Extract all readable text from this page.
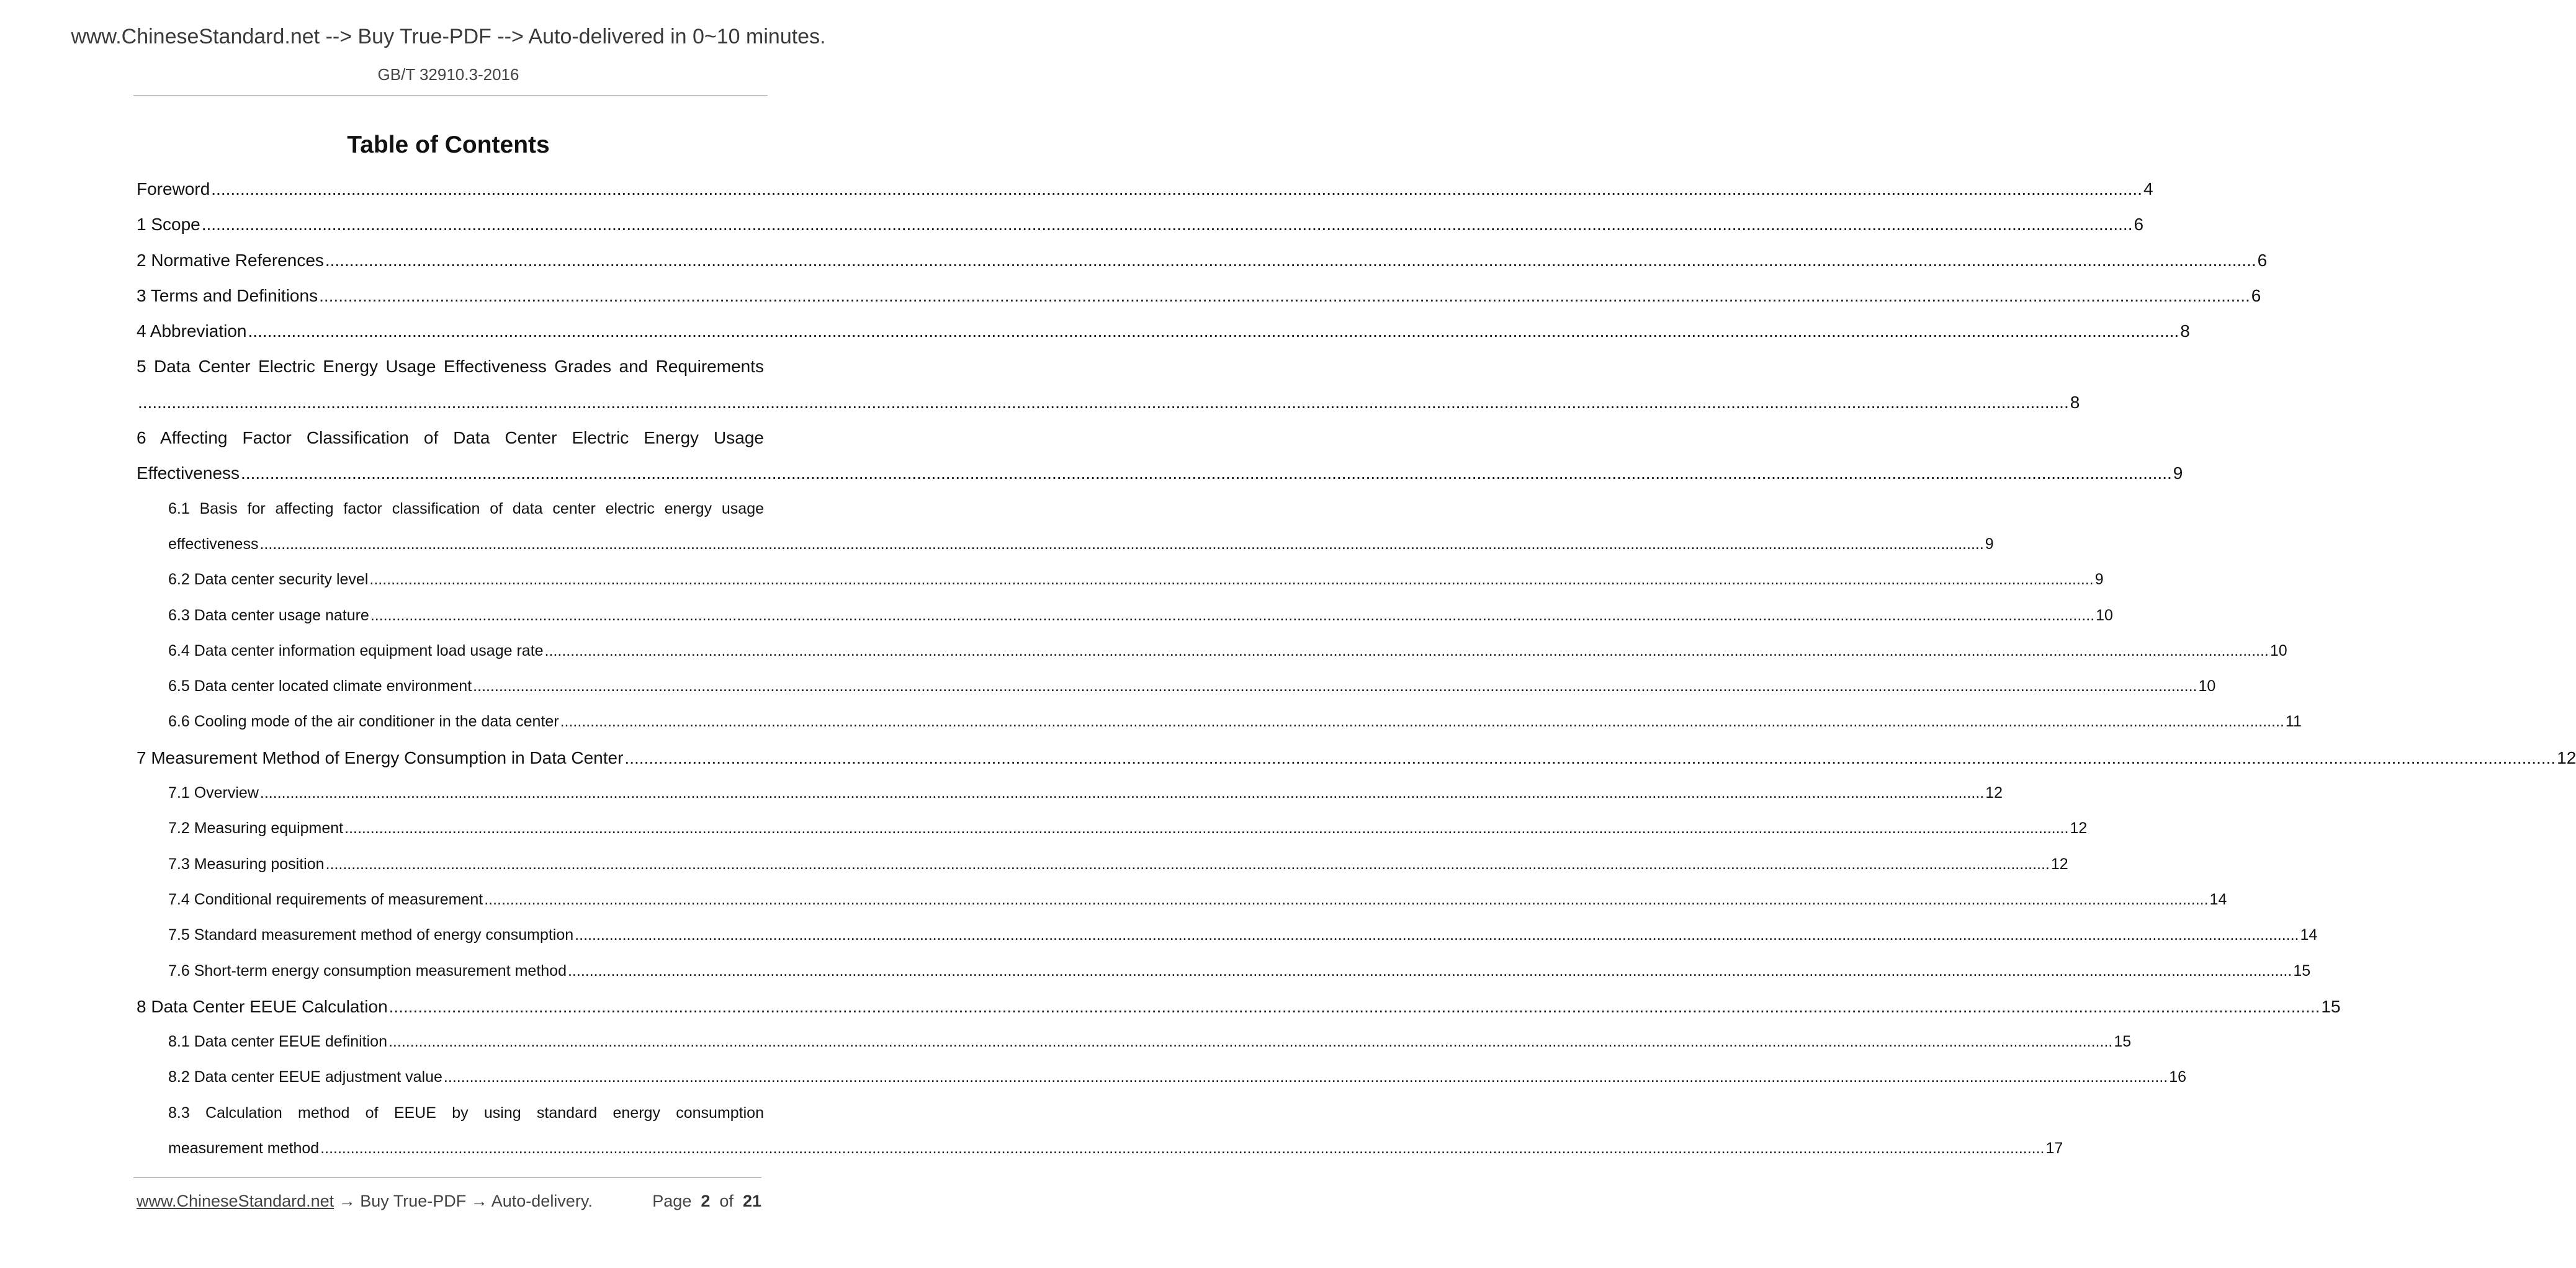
www.ChineseStandard.net --> Buy True-PDF --> Auto-delivered in 0~10 minutes.
GB/T 32910.3-2016
Table of Contents
Foreword ................................................................................................................................................................................................................................................................................................................................................................................................................ 4
1 Scope ................................................................................................................................................................................................................................................................................................................................................................................................................ 6
2 Normative References ................................................................................................................................................................................................................................................................................................................................................................................................................ 6
3 Terms and Definitions ................................................................................................................................................................................................................................................................................................................................................................................................................ 6
4 Abbreviation ................................................................................................................................................................................................................................................................................................................................................................................................................ 8
5 Data Center Electric Energy Usage Effectiveness Grades and Requirements
................................................................................................................................................................................................................................................................................................................................................................................................................ 8
6 Affecting Factor Classification of Data Center Electric Energy Usage
Effectiveness ................................................................................................................................................................................................................................................................................................................................................................................................................ 9
6.1 Basis for affecting factor classification of data center electric energy usage
effectiveness ................................................................................................................................................................................................................................................................................................................................................................................................................ 9
6.2 Data center security level ................................................................................................................................................................................................................................................................................................................................................................................................................ 9
6.3 Data center usage nature ................................................................................................................................................................................................................................................................................................................................................................................................................ 10
6.4 Data center information equipment load usage rate ................................................................................................................................................................................................................................................................................................................................................................................................................ 10
6.5 Data center located climate environment ................................................................................................................................................................................................................................................................................................................................................................................................................ 10
6.6 Cooling mode of the air conditioner in the data center ................................................................................................................................................................................................................................................................................................................................................................................................................ 11
7 Measurement Method of Energy Consumption in Data Center ................................................................................................................................................................................................................................................................................................................................................................................................................ 12
7.1 Overview ................................................................................................................................................................................................................................................................................................................................................................................................................ 12
7.2 Measuring equipment ................................................................................................................................................................................................................................................................................................................................................................................................................ 12
7.3 Measuring position ................................................................................................................................................................................................................................................................................................................................................................................................................ 12
7.4 Conditional requirements of measurement ................................................................................................................................................................................................................................................................................................................................................................................................................ 14
7.5 Standard measurement method of energy consumption ................................................................................................................................................................................................................................................................................................................................................................................................................ 14
7.6 Short-term energy consumption measurement method ................................................................................................................................................................................................................................................................................................................................................................................................................ 15
8 Data Center EEUE Calculation ................................................................................................................................................................................................................................................................................................................................................................................................................ 15
8.1 Data center EEUE definition ................................................................................................................................................................................................................................................................................................................................................................................................................ 15
8.2 Data center EEUE adjustment value ................................................................................................................................................................................................................................................................................................................................................................................................................ 16
8.3 Calculation method of EEUE by using standard energy consumption
measurement method ................................................................................................................................................................................................................................................................................................................................................................................................................ 17
www.ChineseStandard.net → Buy True-PDF → Auto-delivery.	Page 2 of 21
